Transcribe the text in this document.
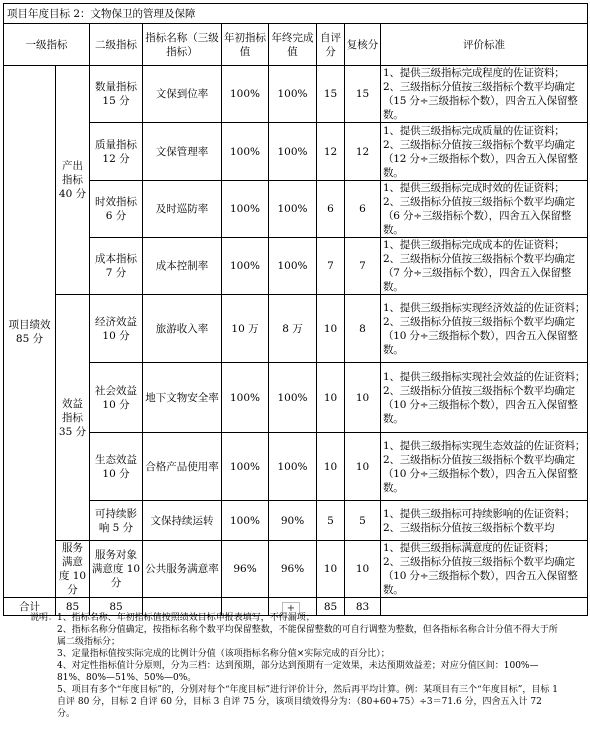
项目年度目标 2：文物保卫的管理及保障								
一级指标		二级指标	指标名称（三级指标）	年初指标值	年终完成值	自评分	复核分	评价标准
项目绩效 85 分	产出指标 40 分	数量指标 15 分	文保到位率	100%	100%	15	15	1、提供三级指标完成程度的佐证资料；
2、三级指标分值按三级指标个数平均确定（15 分÷三级指标个数），四舍五入保留整数。

		质量指标 12 分	文保管理率	100%	100%	12	12	1、提供三级指标完成质量的佐证资料；
2、三级指标分值按三级指标个数平均确定（12 分÷三级指标个数），四舍五入保留整数。

		时效指标 6 分	及时巡防率	100%	100%	6	6	1、提供三级指标完成时效的佐证资料；
2、三级指标分值按三级指标个数平均确定（6 分÷三级指标个数），四舍五入保留整数。

		成本指标 7 分	成本控制率	100%	100%	7	7	1、提供三级指标完成成本的佐证资料；
2、三级指标分值按三级指标个数平均确定（7 分÷三级指标个数），四舍五入保留整数。

	效益指标 35 分	经济效益 10 分	旅游收入率	10 万	8 万	10	8	1、提供三级指标实现经济效益的佐证资料；
2、三级指标分值按三级指标个数平均确定（10 分÷三级指标个数），四舍五入保留整数。

		社会效益 10 分	地下文物安全率	100%	100%	10	10	1、提供三级指标实现社会效益的佐证资料；
2、三级指标分值按三级指标个数平均确定（10 分÷三级指标个数），四舍五入保留整数。

		生态效益 10 分	合格产品使用率	100%	100%	10	10	1、提供三级指标实现生态效益的佐证资料；
2、三级指标分值按三级指标个数平均确定（10 分÷三级指标个数），四舍五入保留整数。

		可持续影响 5 分	文保持续运转	100%	90%	5	5	1、提供三级指标可持续影响的佐证资料；
2、三级指标分值按三级指标个数平均

	服务满意度 10 分	服务对象满意度 10 分	公共服务满意率	96%	96%	10	10	1、提供三级指标满意度的佐证资料；
2、三级指标分值按三级指标个数平均确定（10 分÷三级指标个数），四舍五入保留整数。

合计	85	85				85	83	
+
说明： 1、指标名称、年初指标值按照绩效目标申报表填写，不得漏项；
2、指标名称分值确定，按指标名称个数平均保留整数，不能保留整数的可自行调整为整数，但各指标名称合计分值不得大于所属二级指标分；
3、定量指标值按实际完成的比例计分值（该项指标名称分值×实际完成的百分比）；
4、对定性指标值计分原则，分为三档：达到预期，部分达到预期有一定效果，未达预期效益差；对应分值区间：100%—81%、80%—51%、50%—0%。
5、项目有多个“年度目标”的，分别对每个“年度目标”进行评价计分，然后再平均计算。例：某项目有三个“年度目标”，目标 1 自评 80 分，目标 2 自评 60 分，目标 3 自评 75 分，该项目绩效得分为：（80+60+75）÷3＝71.6 分，四舍五入计 72 分。
